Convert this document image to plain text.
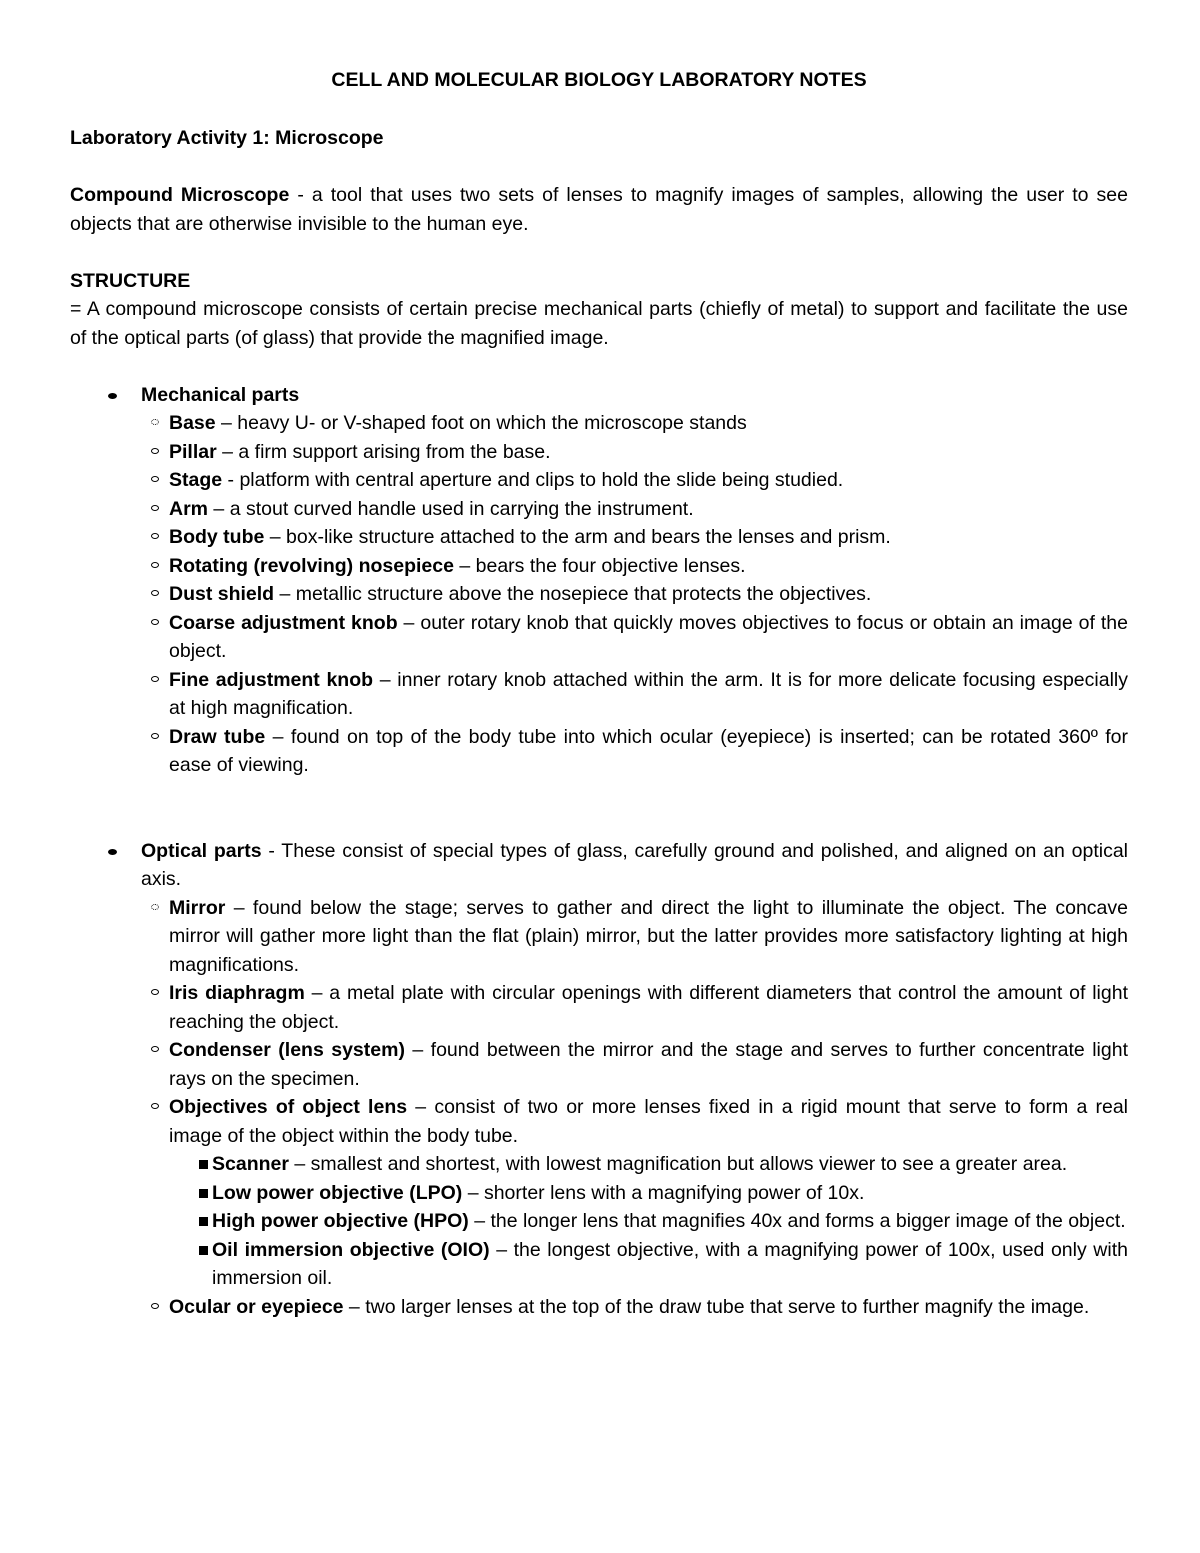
CELL AND MOLECULAR BIOLOGY LABORATORY NOTES

Laboratory Activity 1: Microscope

Compound Microscope - a tool that uses two sets of lenses to magnify images of samples, allowing the user to see objects that are otherwise invisible to the human eye.

STRUCTURE

= A compound microscope consists of certain precise mechanical parts (chiefly of metal) to support and facilitate the use of the optical parts (of glass) that provide the magnified image.

Mechanical parts

Base – heavy U- or V-shaped foot on which the microscope stands

Pillar – a firm support arising from the base.

Stage - platform with central aperture and clips to hold the slide being studied.

Arm – a stout curved handle used in carrying the instrument.

Body tube – box-like structure attached to the arm and bears the lenses and prism.

Rotating (revolving) nosepiece – bears the four objective lenses.

Dust shield – metallic structure above the nosepiece that protects the objectives.

Coarse adjustment knob – outer rotary knob that quickly moves objectives to focus or obtain an image of the object.

Fine adjustment knob – inner rotary knob attached within the arm. It is for more delicate focusing especially at high magnification.

Draw tube – found on top of the body tube into which ocular (eyepiece) is inserted; can be rotated 360º for ease of viewing.

Optical parts - These consist of special types of glass, carefully ground and polished, and aligned on an optical axis.

Mirror – found below the stage; serves to gather and direct the light to illuminate the object. The concave mirror will gather more light than the flat (plain) mirror, but the latter provides more satisfactory lighting at high magnifications.

Iris diaphragm – a metal plate with circular openings with different diameters that control the amount of light reaching the object.

Condenser (lens system) – found between the mirror and the stage and serves to further concentrate light rays on the specimen.

Objectives of object lens – consist of two or more lenses fixed in a rigid mount that serve to form a real image of the object within the body tube.

Scanner – smallest and shortest, with lowest magnification but allows viewer to see a greater area.

Low power objective (LPO) – shorter lens with a magnifying power of 10x.

High power objective (HPO) – the longer lens that magnifies 40x and forms a bigger image of the object.

Oil immersion objective (OIO) – the longest objective, with a magnifying power of 100x, used only with immersion oil.

Ocular or eyepiece – two larger lenses at the top of the draw tube that serve to further magnify the image.
